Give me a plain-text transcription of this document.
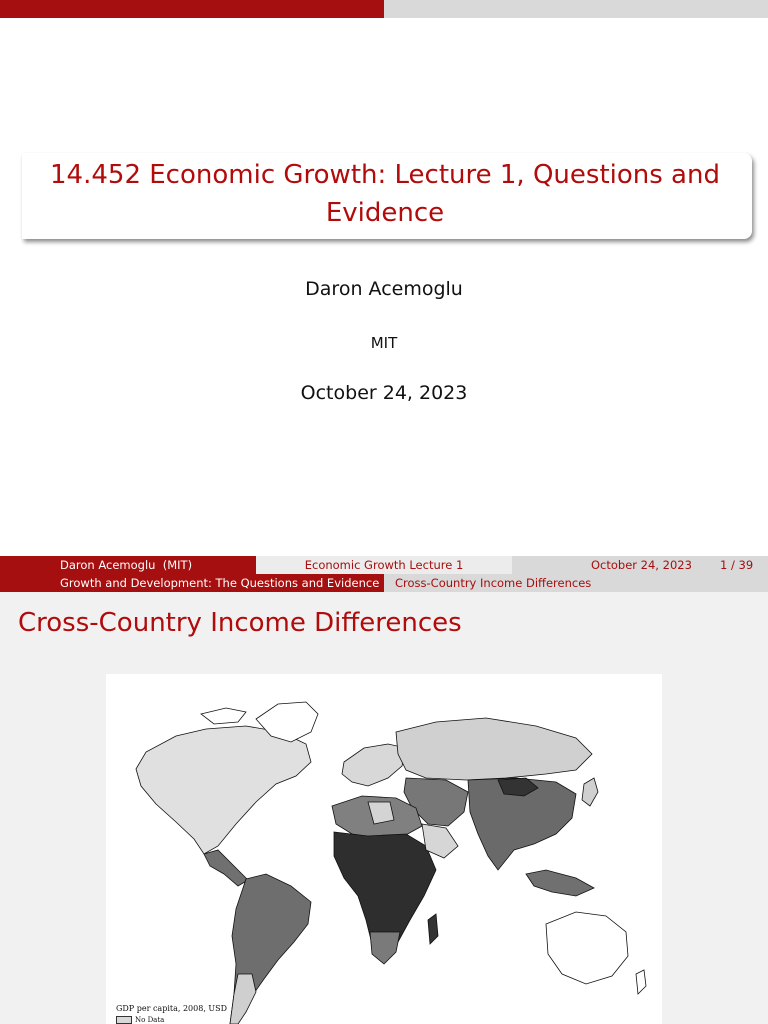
14.452 Economic Growth: Lecture 1, Questions and Evidence
Daron Acemoglu
MIT
October 24, 2023
Daron Acemoglu  (MIT)	Economic Growth Lecture 1	October 24, 2023 1 / 39
Growth and Development: The Questions and Evidence Cross-Country Income Differences
Cross-Country Income Differences
GDP per capita, 2008, USD
No Data
